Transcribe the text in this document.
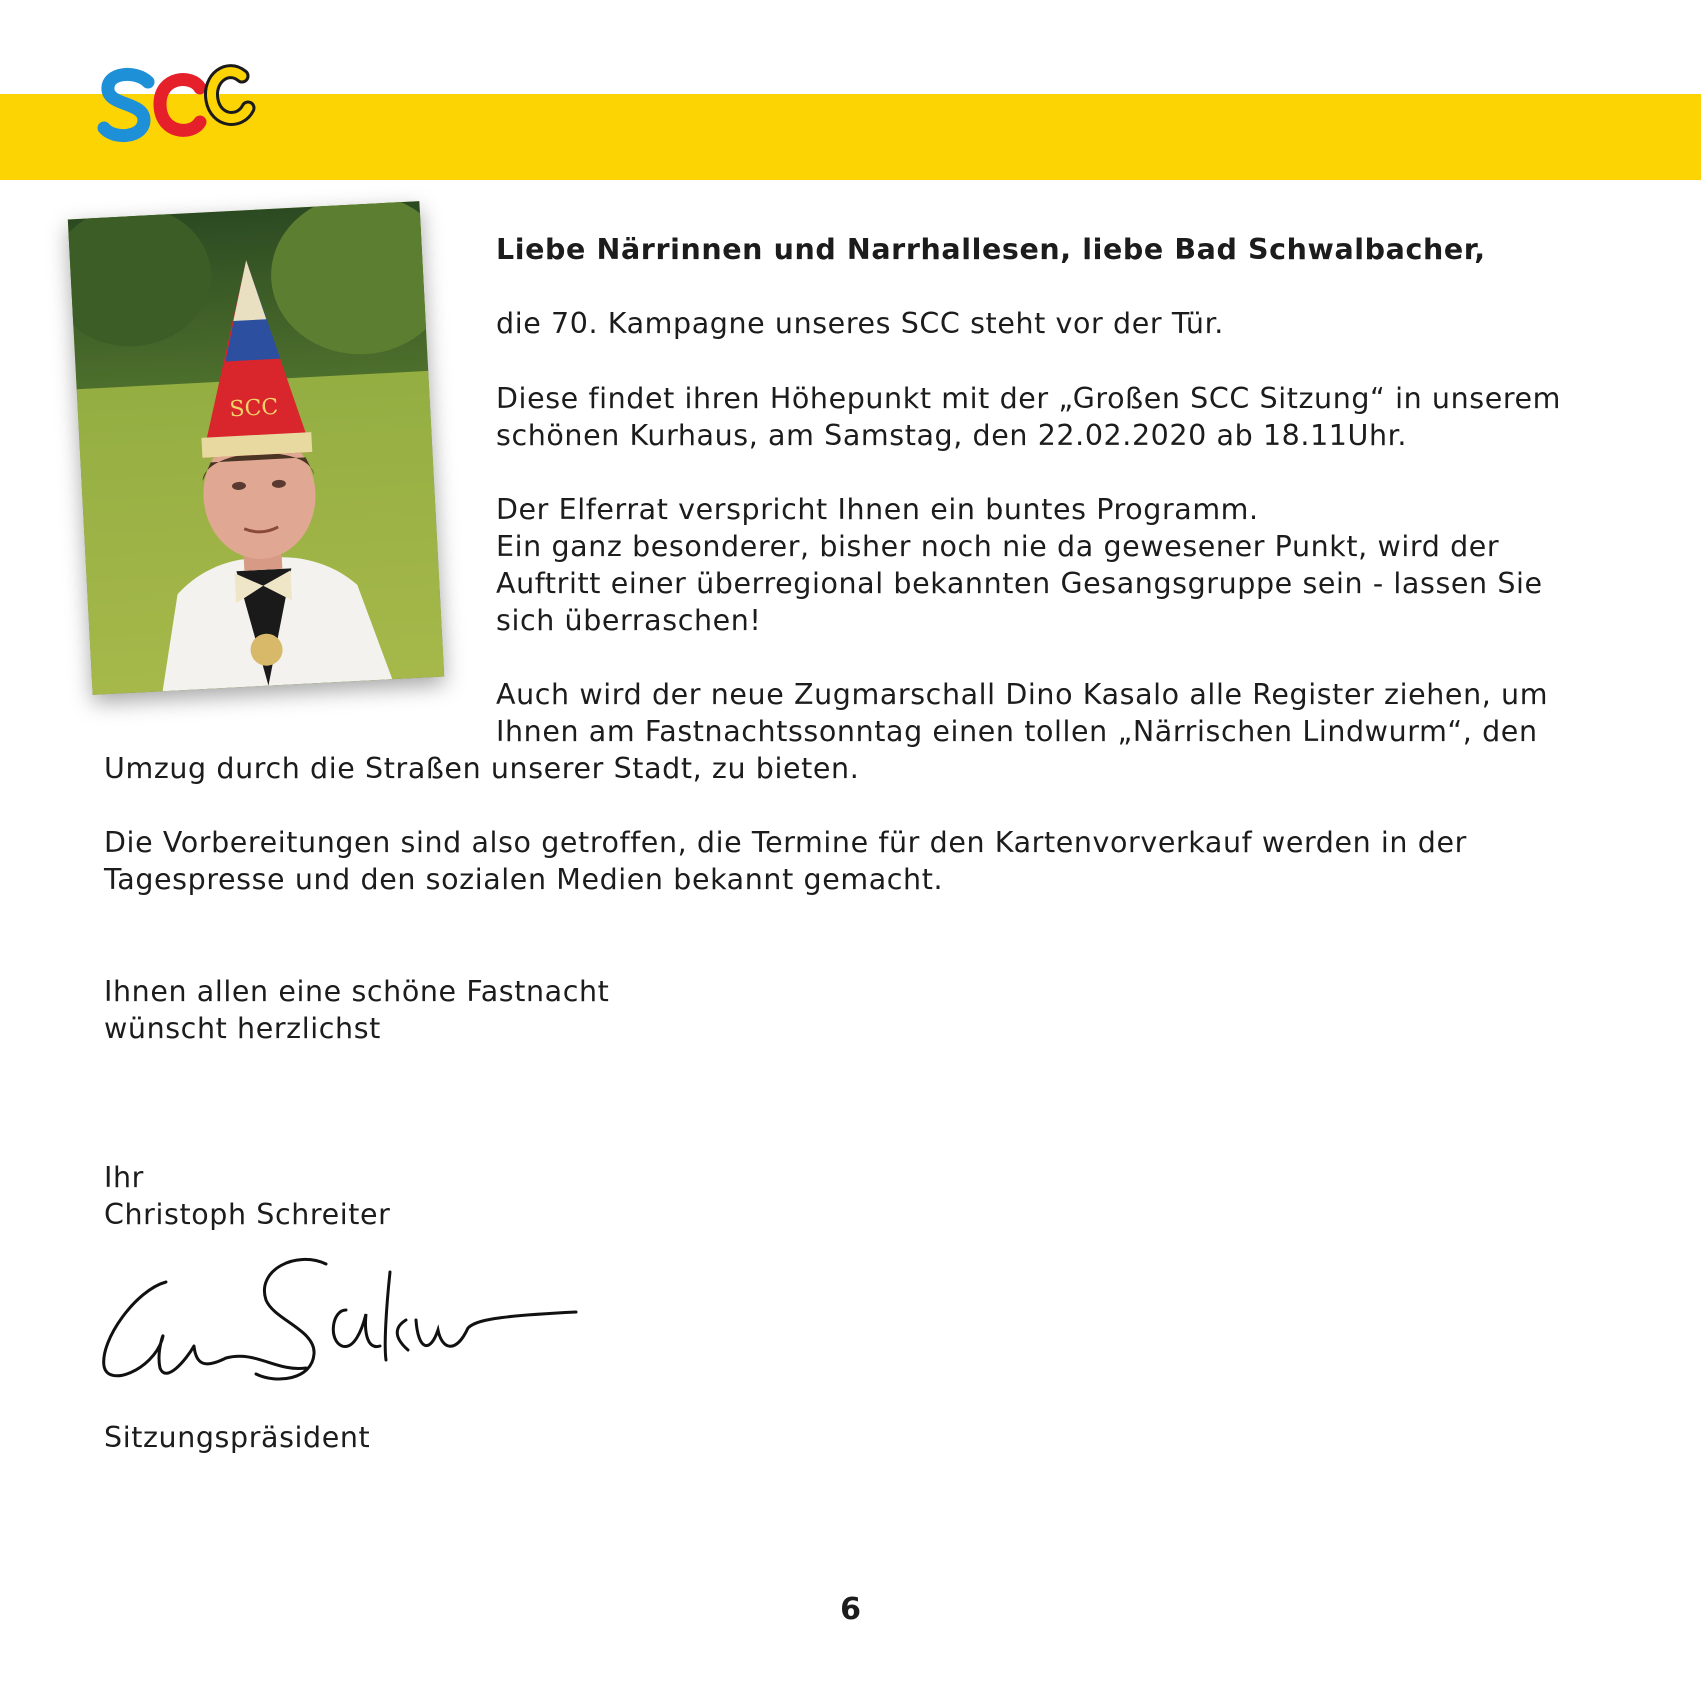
SCC
Liebe Närrinnen und Narrhallesen, liebe Bad Schwalbacher,
die 70. Kampagne unseres SCC steht vor der Tür.
Diese findet ihren Höhepunkt mit der „Großen SCC Sitzung“ in unserem
schönen Kurhaus, am Samstag, den 22.02.2020 ab 18.11Uhr.
Der Elferrat verspricht Ihnen ein buntes Programm.
Ein ganz besonderer, bisher noch nie da gewesener Punkt, wird der
Auftritt einer überregional bekannten Gesangsgruppe sein - lassen Sie
sich überraschen!
Auch wird der neue Zugmarschall Dino Kasalo alle Register ziehen, um
Ihnen am Fastnachtssonntag einen tollen „Närrischen Lindwurm“, den
Umzug durch die Straßen unserer Stadt, zu bieten.
Die Vorbereitungen sind also getroffen, die Termine für den Kartenvorverkauf werden in der
Tagespresse und den sozialen Medien bekannt gemacht.
Ihnen allen eine schöne Fastnacht
wünscht herzlichst
Ihr
Christoph Schreiter
Sitzungspräsident
6
